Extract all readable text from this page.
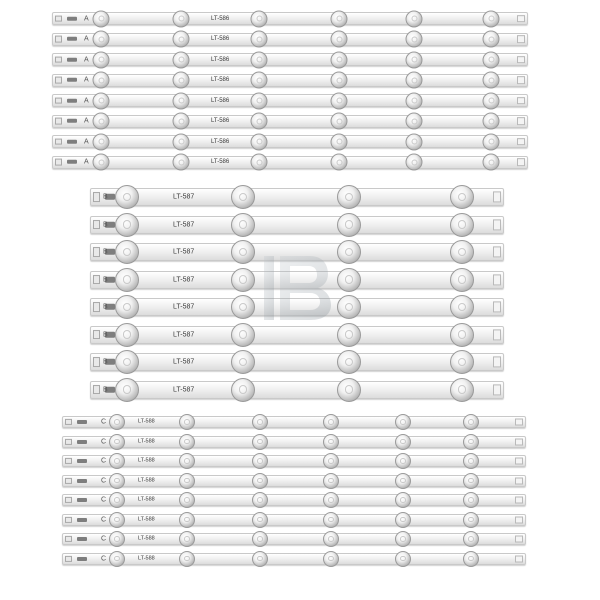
A	LT-586
A	LT-586
A	LT-586
A	LT-586
A	LT-586
A	LT-586
A	LT-586
A	LT-586
B	LT-587
B	LT-587
B	LT-587
B	LT-587
B	LT-587
B	LT-587
B	LT-587
B	LT-587
C	LT-588
C	LT-588
C	LT-588
C	LT-588
C	LT-588
C	LT-588
C	LT-588
C	LT-588
